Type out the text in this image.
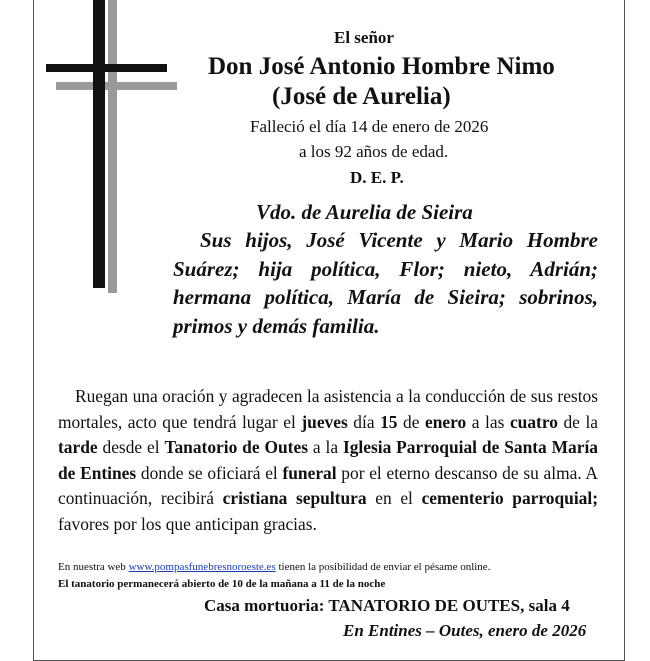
El señor
Don José Antonio Hombre Nimo
(José de Aurelia)
Falleció el día 14 de enero de 2026
a los 92 años de edad.
D. E. P.
Vdo. de Aurelia de Sieira
Sus hijos, José Vicente y Mario Hombre Suárez; hija política, Flor; nieto, Adrián; hermana política, María de Sieira; sobrinos, primos y demás familia.
Ruegan una oración y agradecen la asistencia a la conducción de sus restos mortales, acto que tendrá lugar el jueves día 15 de enero a las cuatro de la tarde desde el Tanatorio de Outes a la Iglesia Parroquial de Santa María de Entines donde se oficiará el funeral por el eterno descanso de su alma. A continuación, recibirá cristiana sepultura en el cementerio parroquial; favores por los que anticipan gracias.
En nuestra web www.pompasfunebresnoroeste.es tienen la posibilidad de enviar el pésame online.
El tanatorio permanecerá abierto de 10 de la mañana a 11 de la noche
Casa mortuoria: TANATORIO DE OUTES, sala 4
En Entines – Outes, enero de 2026
